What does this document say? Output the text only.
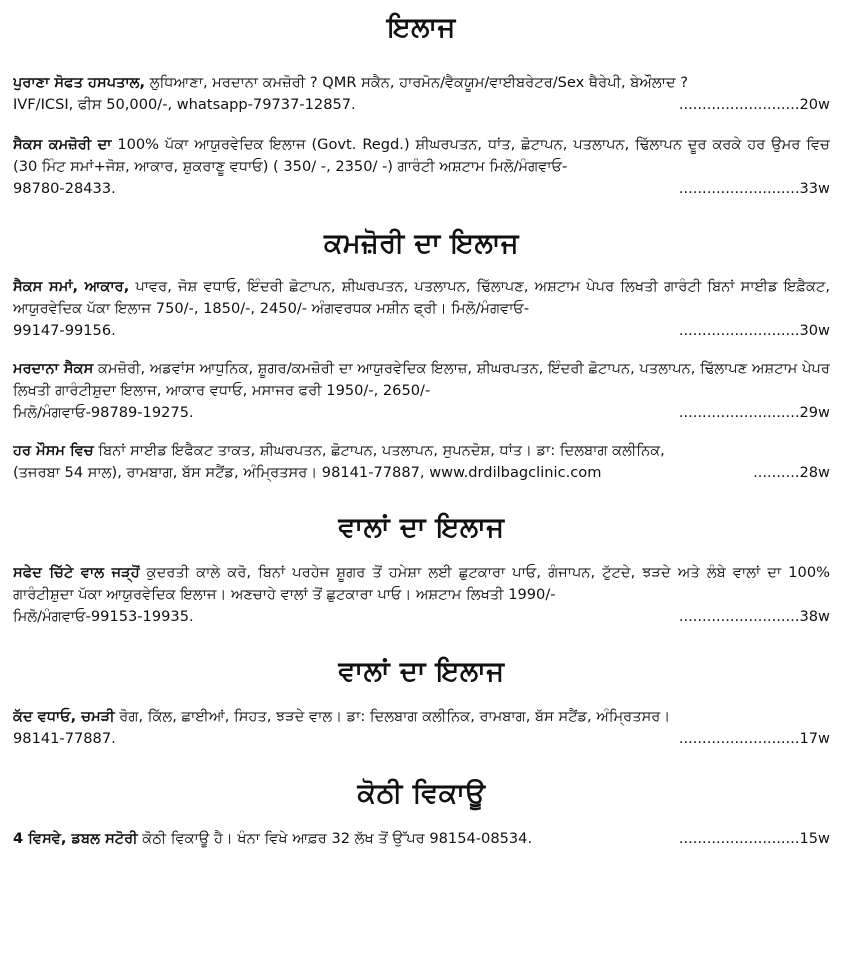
ਇਲਾਜ
ਪੁਰਾਣਾ ਸੋਫਤ ਹਸਪਤਾਲ, ਲੁਧਿਆਣਾ, ਮਰਦਾਨਾ ਕਮਜ਼ੋਰੀ ? QMR ਸਕੈਨ, ਹਾਰਮੋਨ/ਵੈਕਯੂਮ/ਵਾਈਬਰੇਟਰ/Sex ਥੈਰੇਪੀ, ਬੇਔਲਾਦ ?
IVF/ICSI, ਫੀਸ 50,000/-, whatsapp-79737-12857.	.......................... 20w
ਸੈਕਸ ਕਮਜ਼ੋਰੀ ਦਾ 100% ਪੱਕਾ ਆਯੁਰਵੇਦਿਕ ਇਲਾਜ (Govt. Regd.) ਸ਼ੀਘਰਪਤਨ, ਧਾਂਤ, ਛੋਟਾਪਨ, ਪਤਲਾਪਨ, ਢਿੱਲਾਪਨ ਦੂਰ ਕਰਕੇ ਹਰ ਉਮਰ ਵਿਚ (30 ਮਿੰਟ ਸਮਾਂ+ਜੋਸ਼, ਆਕਾਰ, ਸ਼ੁਕਰਾਣੂ ਵਧਾਓ) ( 350/ -, 2350/ -) ਗਾਰੰਟੀ ਅਸ਼ਟਾਮ ਮਿਲੋ/ਮੰਗਵਾਓ-
98780-28433.	.......................... 33w
ਕਮਜ਼ੋਰੀ ਦਾ ਇਲਾਜ
ਸੈਕਸ ਸਮਾਂ, ਆਕਾਰ, ਪਾਵਰ, ਜੋਸ਼ ਵਧਾਓ, ਇੰਦਰੀ ਛੋਟਾਪਨ, ਸ਼ੀਘਰਪਤਨ, ਪਤਲਾਪਨ, ਢਿੱਲਾਪਣ, ਅਸ਼ਟਾਮ ਪੇਪਰ ਲਿਖਤੀ ਗਾਰੰਟੀ ਬਿਨਾਂ ਸਾਈਡ ਇਫ਼ੈਕਟ, ਆਯੁਰਵੇਦਿਕ ਪੱਕਾ ਇਲਾਜ 750/-, 1850/-, 2450/- ਅੰਗਵਰਧਕ ਮਸ਼ੀਨ ਫ੍ਰੀ। ਮਿਲੋ/ਮੰਗਵਾਓ-
99147-99156.	.......................... 30w
ਮਰਦਾਨਾ ਸੈਕਸ ਕਮਜ਼ੋਰੀ, ਅਡਵਾਂਸ ਆਧੁਨਿਕ, ਸ਼ੂਗਰ/ਕਮਜ਼ੋਰੀ ਦਾ ਆਯੁਰਵੇਦਿਕ ਇਲਾਜ਼, ਸ਼ੀਘਰਪਤਨ, ਇੰਦਰੀ ਛੋਟਾਪਨ, ਪਤਲਾਪਨ, ਢਿੱਲਾਪਣ ਅਸ਼ਟਾਮ ਪੇਪਰ ਲਿਖਤੀ ਗਾਰੰਟੀਸ਼ੁਦਾ ਇਲਾਜ, ਆਕਾਰ ਵਧਾਓ, ਮਸਾਜਰ ਫਰੀ 1950/-, 2650/-
ਮਿਲੋ/ਮੰਗਵਾਓ-98789-19275.	.......................... 29w
ਹਰ ਮੌਸਮ ਵਿਚ ਬਿਨਾਂ ਸਾਈਡ ਇਫੈਕਟ ਤਾਕਤ, ਸ਼ੀਘਰਪਤਨ, ਛੋਟਾਪਨ, ਪਤਲਾਪਨ, ਸੁਪਨਦੋਸ਼, ਧਾਂਤ। ਡਾ: ਦਿਲਬਾਗ ਕਲੀਨਿਕ,
(ਤਜਰਬਾ 54 ਸਾਲ), ਰਾਮਬਾਗ, ਬੱਸ ਸਟੈਂਡ, ਅੰਮ੍ਰਿਤਸਰ। 98141-77887, www.drdilbagclinic.com	.......... 28w
ਵਾਲਾਂ ਦਾ ਇਲਾਜ
ਸਫੇਦ ਚਿੱਟੇ ਵਾਲ ਜੜ੍ਹੋਂ ਕੁਦਰਤੀ ਕਾਲੇ ਕਰੋ, ਬਿਨਾਂ ਪਰਹੇਜ ਸ਼ੂਗਰ ਤੋਂ ਹਮੇਸ਼ਾ ਲਈ ਛੁਟਕਾਰਾ ਪਾਓ, ਗੰਜਾਪਨ, ਟੁੱਟਦੇ, ਝੜਦੇ ਅਤੇ ਲੰਬੇ ਵਾਲਾਂ ਦਾ 100% ਗਾਰੰਟੀਸ਼ੁਦਾ ਪੱਕਾ ਆਯੁਰਵੇਦਿਕ ਇਲਾਜ। ਅਣਚਾਹੇ ਵਾਲਾਂ ਤੋਂ ਛੁਟਕਾਰਾ ਪਾਓ। ਅਸ਼ਟਾਮ ਲਿਖਤੀ 1990/-
ਮਿਲੋ/ਮੰਗਵਾਓ-99153-19935.	.......................... 38w
ਵਾਲਾਂ ਦਾ ਇਲਾਜ
ਕੱਦ ਵਧਾਓ, ਚਮੜੀ ਰੋਗ, ਕਿੱਲ, ਛਾਈਆਂ, ਸਿਹਤ, ਝੜਦੇ ਵਾਲ। ਡਾ: ਦਿਲਬਾਗ ਕਲੀਨਿਕ, ਰਾਮਬਾਗ, ਬੱਸ ਸਟੈਂਡ, ਅੰਮ੍ਰਿਤਸਰ।
98141-77887.	.......................... 17w
ਕੋਠੀ ਵਿਕਾਊ
4 ਵਿਸਵੇ, ਡਬਲ ਸਟੋਰੀ ਕੋਠੀ ਵਿਕਾਊ ਹੈ। ਖੰਨਾ ਵਿਖੇ ਆਫ਼ਰ 32 ਲੱਖ ਤੋਂ ਉੱਪਰ 98154-08534.	.......................... 15w
